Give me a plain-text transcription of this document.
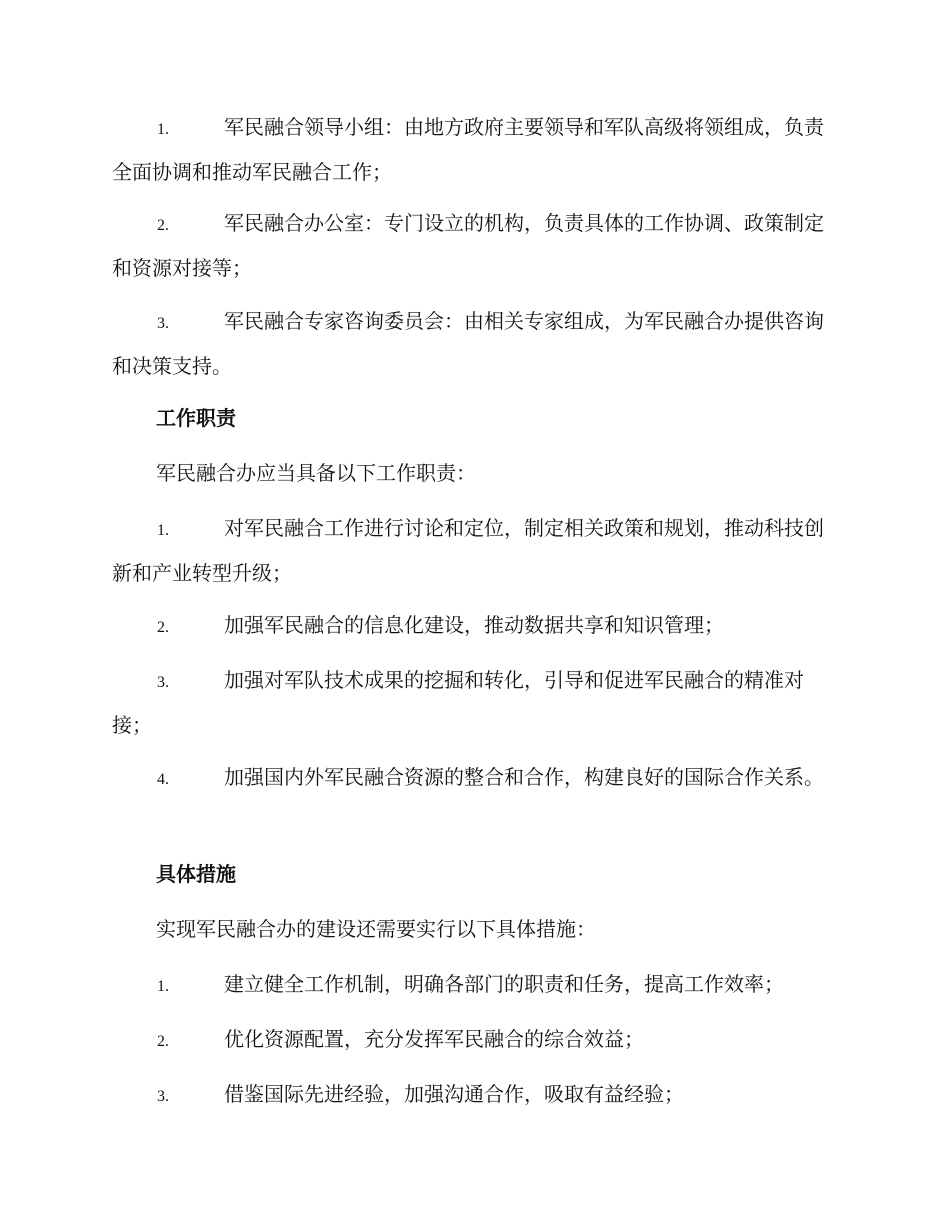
1.	军民融合领导小组：由地方政府主要领导和军队高级将领组成，负责全面协调和推动军民融合工作；
2.	军民融合办公室：专门设立的机构，负责具体的工作协调、政策制定和资源对接等；
3.	军民融合专家咨询委员会：由相关专家组成，为军民融合办提供咨询和决策支持。
工作职责
军民融合办应当具备以下工作职责：
1.	对军民融合工作进行讨论和定位，制定相关政策和规划，推动科技创新和产业转型升级；
2.	加强军民融合的信息化建设，推动数据共享和知识管理；
3.	加强对军队技术成果的挖掘和转化，引导和促进军民融合的精准对接；
4.	加强国内外军民融合资源的整合和合作，构建良好的国际合作关系。
具体措施
实现军民融合办的建设还需要实行以下具体措施：
1.	建立健全工作机制，明确各部门的职责和任务，提高工作效率；
2.	优化资源配置，充分发挥军民融合的综合效益；
3.	借鉴国际先进经验，加强沟通合作，吸取有益经验；
